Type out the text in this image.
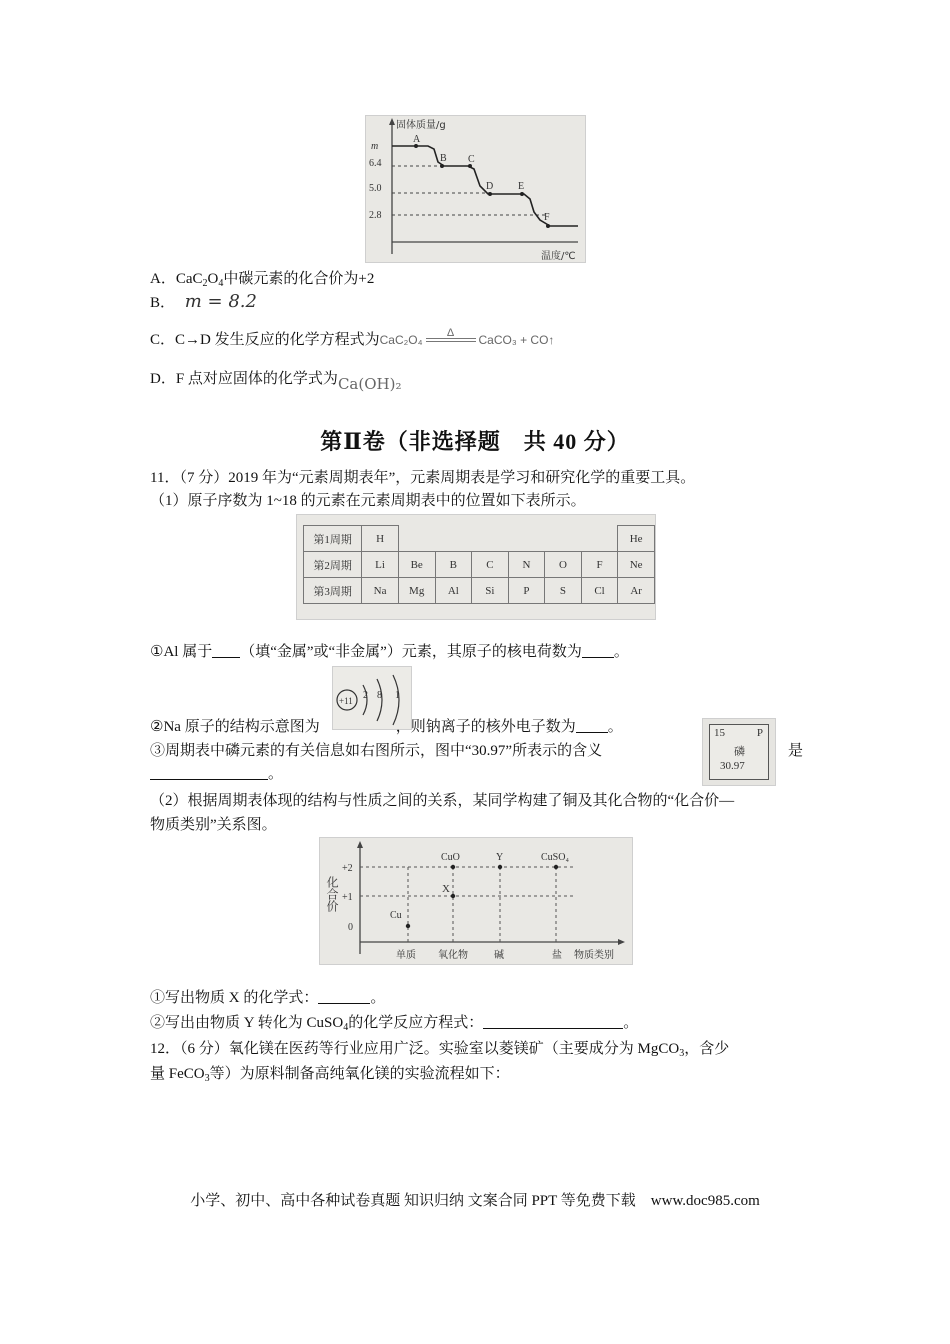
固体质量/g
温度/℃
m
6.4
5.0
2.8
A
B C
D E
F
A．$CaC_2O_4$中碳元素的化合价为+2
B． m = 8.2
C．C→D 发生反应的化学方程式为CaC₂O₄	Δ	CaCO₃ + CO↑
D．F 点对应固体的化学式为Ca(OH)₂
第Ⅱ卷（非选择题　共 40 分）
11．（7 分）2019 年为“元素周期表年”，元素周期表是学习和研究化学的重要工具。
（1）原子序数为 1~18 的元素在元素周期表中的位置如下表所示。
第1周期	H							He
第2周期	Li	Be	B	C	N	O	F	Ne
第3周期	Na	Mg	Al	Si	P	S	Cl	Ar
①Al 属于 （填“金属”或“非金属”）元素，其原子的核电荷数为 。
+11 2 8 1
②Na 原子的结构示意图为	，则钠离子的核外电子数为 。
③周期表中磷元素的有关信息如右图所示，图中“30.97”所表示的含义
15	P
磷
30.97
是
。
（2）根据周期表体现的结构与性质之间的关系，某同学构建了铜及其化合物的“化合价—
物质类别”关系图。
化合价
+2
+1
0
CuO	Y	CuSO₄
X
Cu
单质 氧化物	碱	盐 物质类别
①写出物质 X 的化学式：	。
②写出由物质 Y 转化为 CuSO$_4$的化学反应方程式：	。
12．（6 分）氧化镁在医药等行业应用广泛。实验室以菱镁矿（主要成分为 MgCO$_3$，含少
量 FeCO$_3$等）为原料制备高纯氧化镁的实验流程如下：
小学、初中、高中各种试卷真题 知识归纳 文案合同 PPT 等免费下载　www.doc985.com
